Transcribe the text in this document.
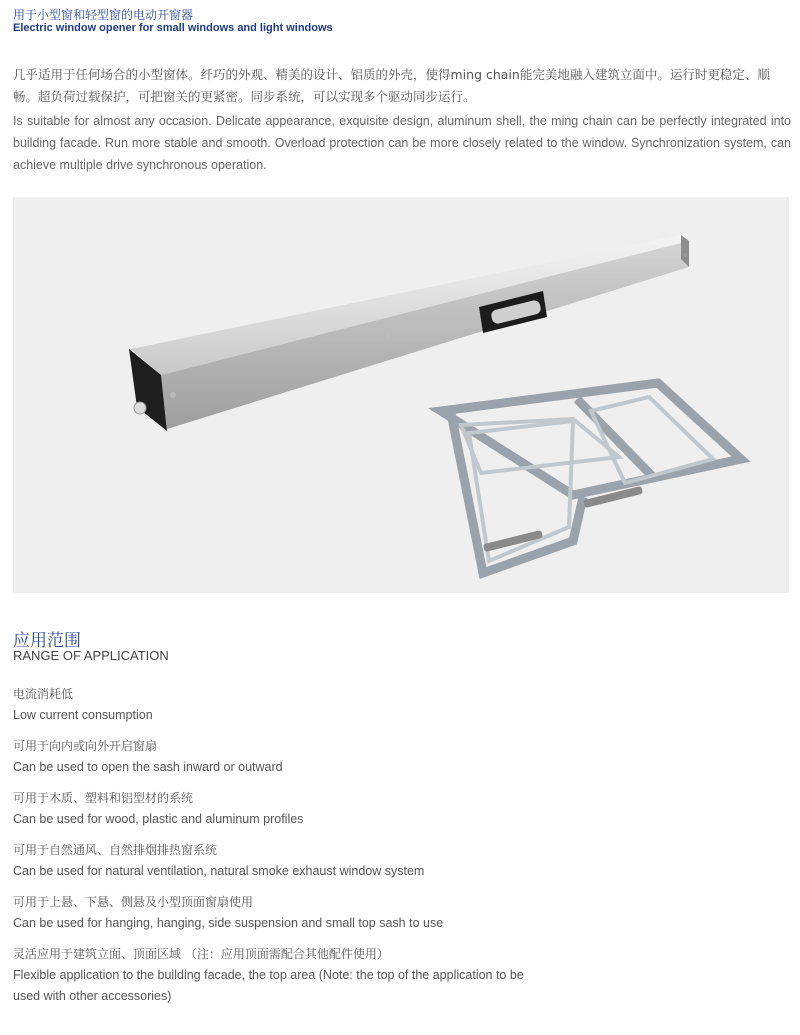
用于小型窗和轻型窗的电动开窗器
Electric window opener for small windows and light windows
几乎适用于任何场合的小型窗体。纤巧的外观、精美的设计、铝质的外壳，使得ming chain能完美地融入建筑立面中。运行时更稳定、顺畅。超负荷过载保护，可把窗关的更紧密。同步系统，可以实现多个驱动同步运行。
Is suitable for almost any occasion. Delicate appearance, exquisite design, aluminum shell, the ming chain can be perfectly integrated into building facade. Run more stable and smooth. Overload protection can be more closely related to the window. Synchronization system, can achieve multiple drive synchronous operation.
应用范围
RANGE OF APPLICATION
电流消耗低
Low current consumption
可用于向内或向外开启窗扇
Can be used to open the sash inward or outward
可用于木质、塑料和铝型材的系统
Can be used for wood, plastic and aluminum profiles
可用于自然通风、自然排烟排热窗系统
Can be used for natural ventilation, natural smoke exhaust window system
可用于上悬、下悬、侧悬及小型顶面窗扇使用
Can be used for hanging, hanging, side suspension and small top sash to use
灵活应用于建筑立面、顶面区域 （注：应用顶面需配合其他配件使用）
Flexible application to the building facade, the top area (Note: the top of the application to be used with other accessories)
